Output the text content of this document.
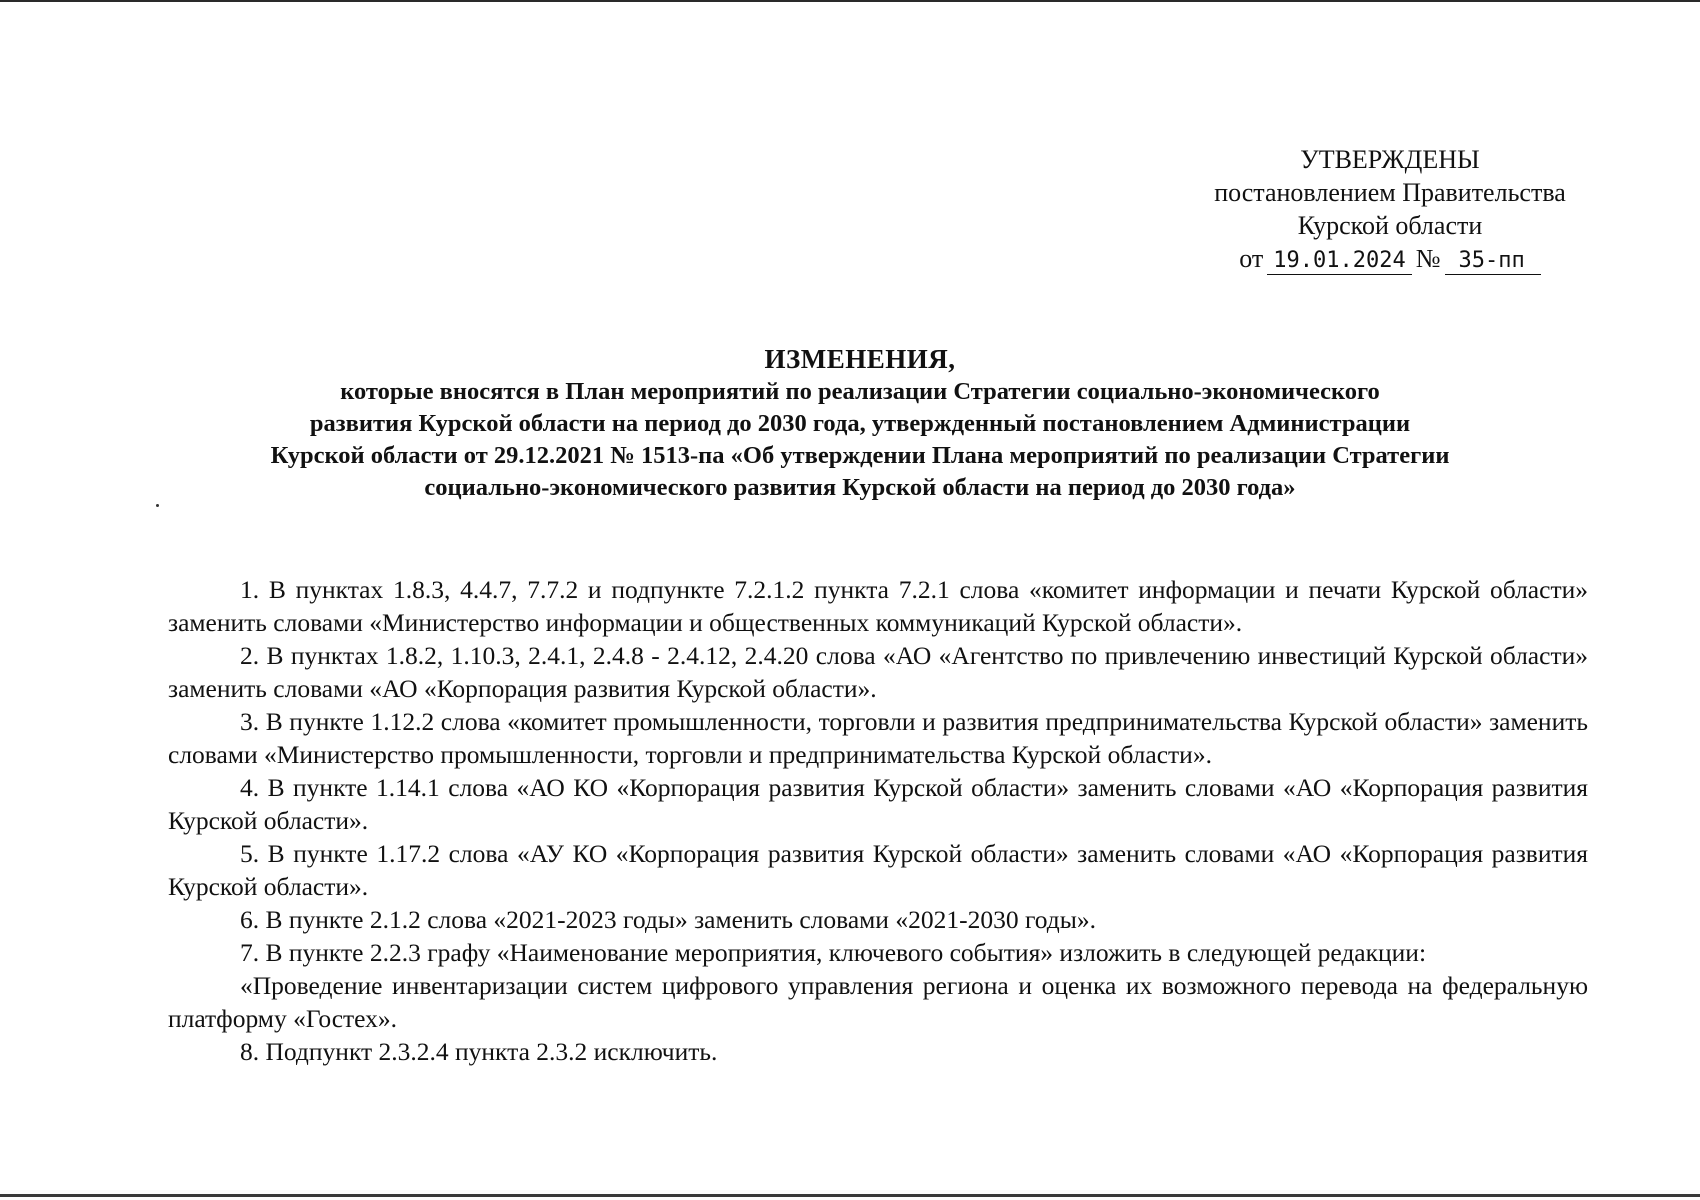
УТВЕРЖДЕНЫ
постановлением Правительства
Курской области
от 19.01.2024 № 35-пп
ИЗМЕНЕНИЯ,
которые вносятся в План мероприятий по реализации Стратегии социально-экономического
развития Курской области на период до 2030 года, утвержденный постановлением Администрации
Курской области от 29.12.2021 № 1513-па «Об утверждении Плана мероприятий по реализации Стратегии
социально-экономического развития Курской области на период до 2030 года»

1. В пунктах 1.8.3, 4.4.7, 7.7.2 и подпункте 7.2.1.2 пункта 7.2.1 слова «комитет информации и печати Курской области» заменить словами «Министерство информации и общественных коммуникаций Курской области».

2. В пунктах 1.8.2, 1.10.3, 2.4.1, 2.4.8 - 2.4.12, 2.4.20 слова «АО «Агентство по привлечению инвестиций Курской области» заменить словами «АО «Корпорация развития Курской области».

3. В пункте 1.12.2 слова «комитет промышленности, торговли и развития предпринимательства Курской области» заменить словами «Министерство промышленности, торговли и предпринимательства Курской области».

4. В пункте 1.14.1 слова «АО КО «Корпорация развития Курской области» заменить словами «АО «Корпорация развития Курской области».

5. В пункте 1.17.2 слова «АУ КО «Корпорация развития Курской области» заменить словами «АО «Корпорация развития Курской области».

6. В пункте 2.1.2 слова «2021-2023 годы» заменить словами «2021-2030 годы».

7. В пункте 2.2.3 графу «Наименование мероприятия, ключевого события» изложить в следующей редакции:

«Проведение инвентаризации систем цифрового управления региона и оценка их возможного перевода на федеральную платформу «Гостех».

8. Подпункт 2.3.2.4 пункта 2.3.2 исключить.
